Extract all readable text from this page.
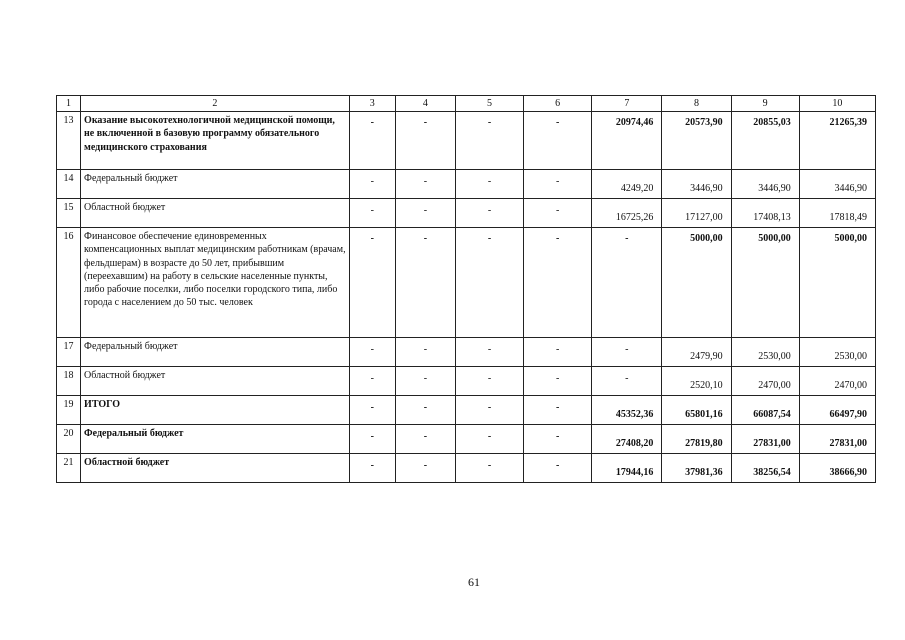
1	2	3	4	5	6	7	8	9	10
13	Оказание высокотехнологичной медицинской помощи, не включенной в базовую программу обязательного медицинского страхования	-	-	-	-	20974,46	20573,90	20855,03	21265,39
14	Федеральный бюджет	-	-	-	-	4249,20	3446,90	3446,90	3446,90
15	Областной бюджет	-	-	-	-	16725,26	17127,00	17408,13	17818,49
16	Финансовое обеспечение единовременных компенсационных выплат медицинским работникам (врачам, фельдшерам) в возрасте до 50 лет, прибывшим (переехавшим) на работу в сельские населенные пункты, либо рабочие поселки, либо поселки городского типа, либо города с населением до 50 тыс. человек	-	-	-	-	-	5000,00	5000,00	5000,00
17	Федеральный бюджет	-	-	-	-	-	2479,90	2530,00	2530,00
18	Областной бюджет	-	-	-	-	-	2520,10	2470,00	2470,00
19	ИТОГО	-	-	-	-	45352,36	65801,16	66087,54	66497,90
20	Федеральный бюджет	-	-	-	-	27408,20	27819,80	27831,00	27831,00
21	Областной бюджет	-	-	-	-	17944,16	37981,36	38256,54	38666,90
61
